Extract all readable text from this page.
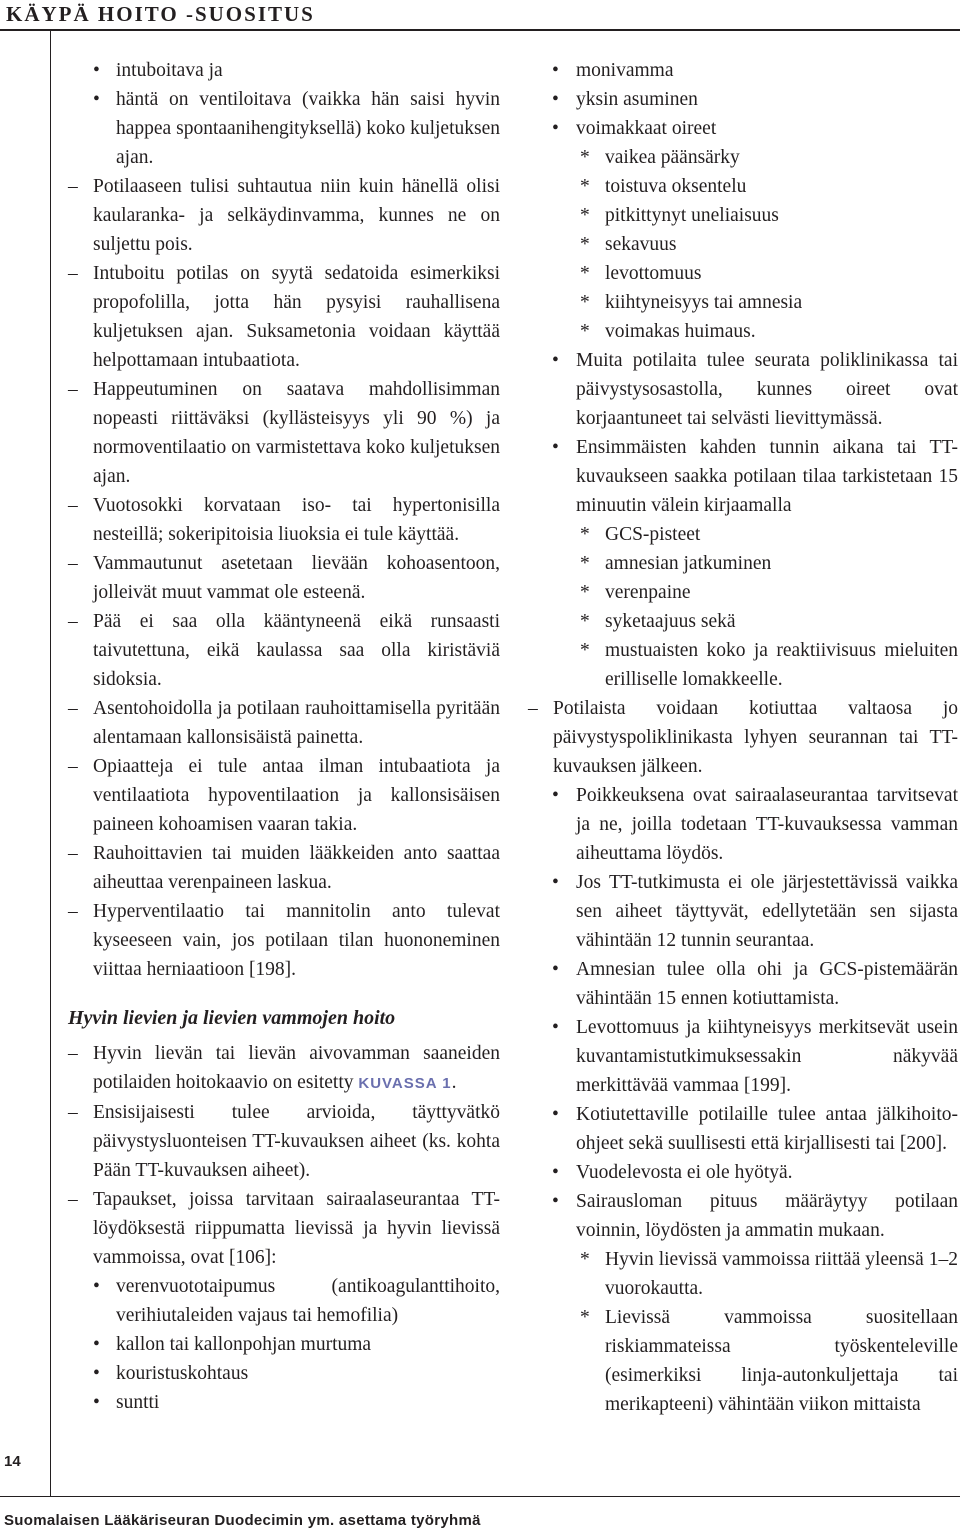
KÄYPÄ HOITO -SUOSITUS
14
Suomalaisen Lääkäriseuran Duodecimin ym. asettama työryhmä
• intuboitava ja
• häntä on ventiloitava (vaikka hän saisi hyvin happea spontaanihengityksellä) koko kuljetuksen ajan.
– Potilaaseen tulisi suhtautua niin kuin hänellä olisi kaularanka- ja selkäydinvamma, kunnes ne on suljettu pois.
– Intuboitu potilas on syytä sedatoida esimerkiksi propofolilla, jotta hän pysyisi rauhallisena kuljetuksen ajan. Suksametonia voidaan käyttää helpottamaan intubaatiota.
– Happeutuminen on saatava mahdollisimman nopeasti riittäväksi (kyllästeisyys yli 90 %) ja normoventilaatio on varmistettava koko kuljetuksen ajan.
– Vuotosokki korvataan iso- tai hypertonisilla nesteillä; sokeripitoisia liuoksia ei tule käyttää.
– Vammautunut asetetaan lievään kohoasentoon, jolleivät muut vammat ole esteenä.
– Pää ei saa olla kääntyneenä eikä runsaasti taivutettuna, eikä kaulassa saa olla kiristäviä sidoksia.
– Asentohoidolla ja potilaan rauhoittamisella pyritään alentamaan kallonsisäistä painetta.
– Opiaatteja ei tule antaa ilman intubaatiota ja ventilaatiota hypoventilaation ja kallonsisäisen paineen kohoamisen vaaran takia.
– Rauhoittavien tai muiden lääkkeiden anto saattaa aiheuttaa verenpaineen laskua.
– Hyperventilaatio tai mannitolin anto tulevat kyseeseen vain, jos potilaan tilan huononeminen viittaa herniaatioon [198].
Hyvin lievien ja lievien vammojen hoito
– Hyvin lievän tai lievän aivovamman saaneiden potilaiden hoitokaavio on esitetty KUVASSA 1.
– Ensisijaisesti tulee arvioida, täyttyvätkö päivystysluonteisen TT-kuvauksen aiheet (ks. kohta Pään TT-kuvauksen aiheet).
– Tapaukset, joissa tarvitaan sairaalaseurantaa TT-löydöksestä riippumatta lievissä ja hyvin lievissä vammoissa, ovat [106]:
• verenvuototaipumus (antikoagulanttihoito, verihiutaleiden vajaus tai hemofilia)
• kallon tai kallonpohjan murtuma
• kouristuskohtaus
• suntti
• monivamma
• yksin asuminen
• voimakkaat oireet
* vaikea päänsärky
* toistuva oksentelu
* pitkittynyt uneliaisuus
* sekavuus
* levottomuus
* kiihtyneisyys tai amnesia
* voimakas huimaus.
• Muita potilaita tulee seurata poliklinikassa tai päivystysosastolla, kunnes oireet ovat korjaantuneet tai selvästi lievittymässä.
• Ensimmäisten kahden tunnin aikana tai TT-kuvaukseen saakka potilaan tilaa tarkistetaan 15 minuutin välein kirjaamalla
* GCS-pisteet
* amnesian jatkuminen
* verenpaine
* syketaajuus sekä
* mustuaisten koko ja reaktiivisuus mieluiten erilliselle lomakkeelle.
– Potilaista voidaan kotiuttaa valtaosa jo päivystyspoliklinikasta lyhyen seurannan tai TT-kuvauksen jälkeen.
• Poikkeuksena ovat sairaalaseurantaa tarvitsevat ja ne, joilla todetaan TT-kuvauksessa vamman aiheuttama löydös.
• Jos TT-tutkimusta ei ole järjestettävissä vaikka sen aiheet täyttyvät, edellytetään sen sijasta vähintään 12 tunnin seurantaa.
• Amnesian tulee olla ohi ja GCS-pistemäärän vähintään 15 ennen kotiuttamista.
• Levottomuus ja kiihtyneisyys merkitsevät usein kuvantamistutkimuksessakin näkyvää merkittävää vammaa [199].
• Kotiutettaville potilaille tulee antaa jälkihoito-ohjeet sekä suullisesti että kirjallisesti tai [200].
• Vuodelevosta ei ole hyötyä.
• Sairausloman pituus määräytyy potilaan voinnin, löydösten ja ammatin mukaan.
* Hyvin lievissä vammoissa riittää yleensä 1–2 vuorokautta.
* Lievissä vammoissa suositellaan riskiammateissa työskenteleville (esimerkiksi linja-autonkuljettaja tai merikapteeni) vähintään viikon mittaista
